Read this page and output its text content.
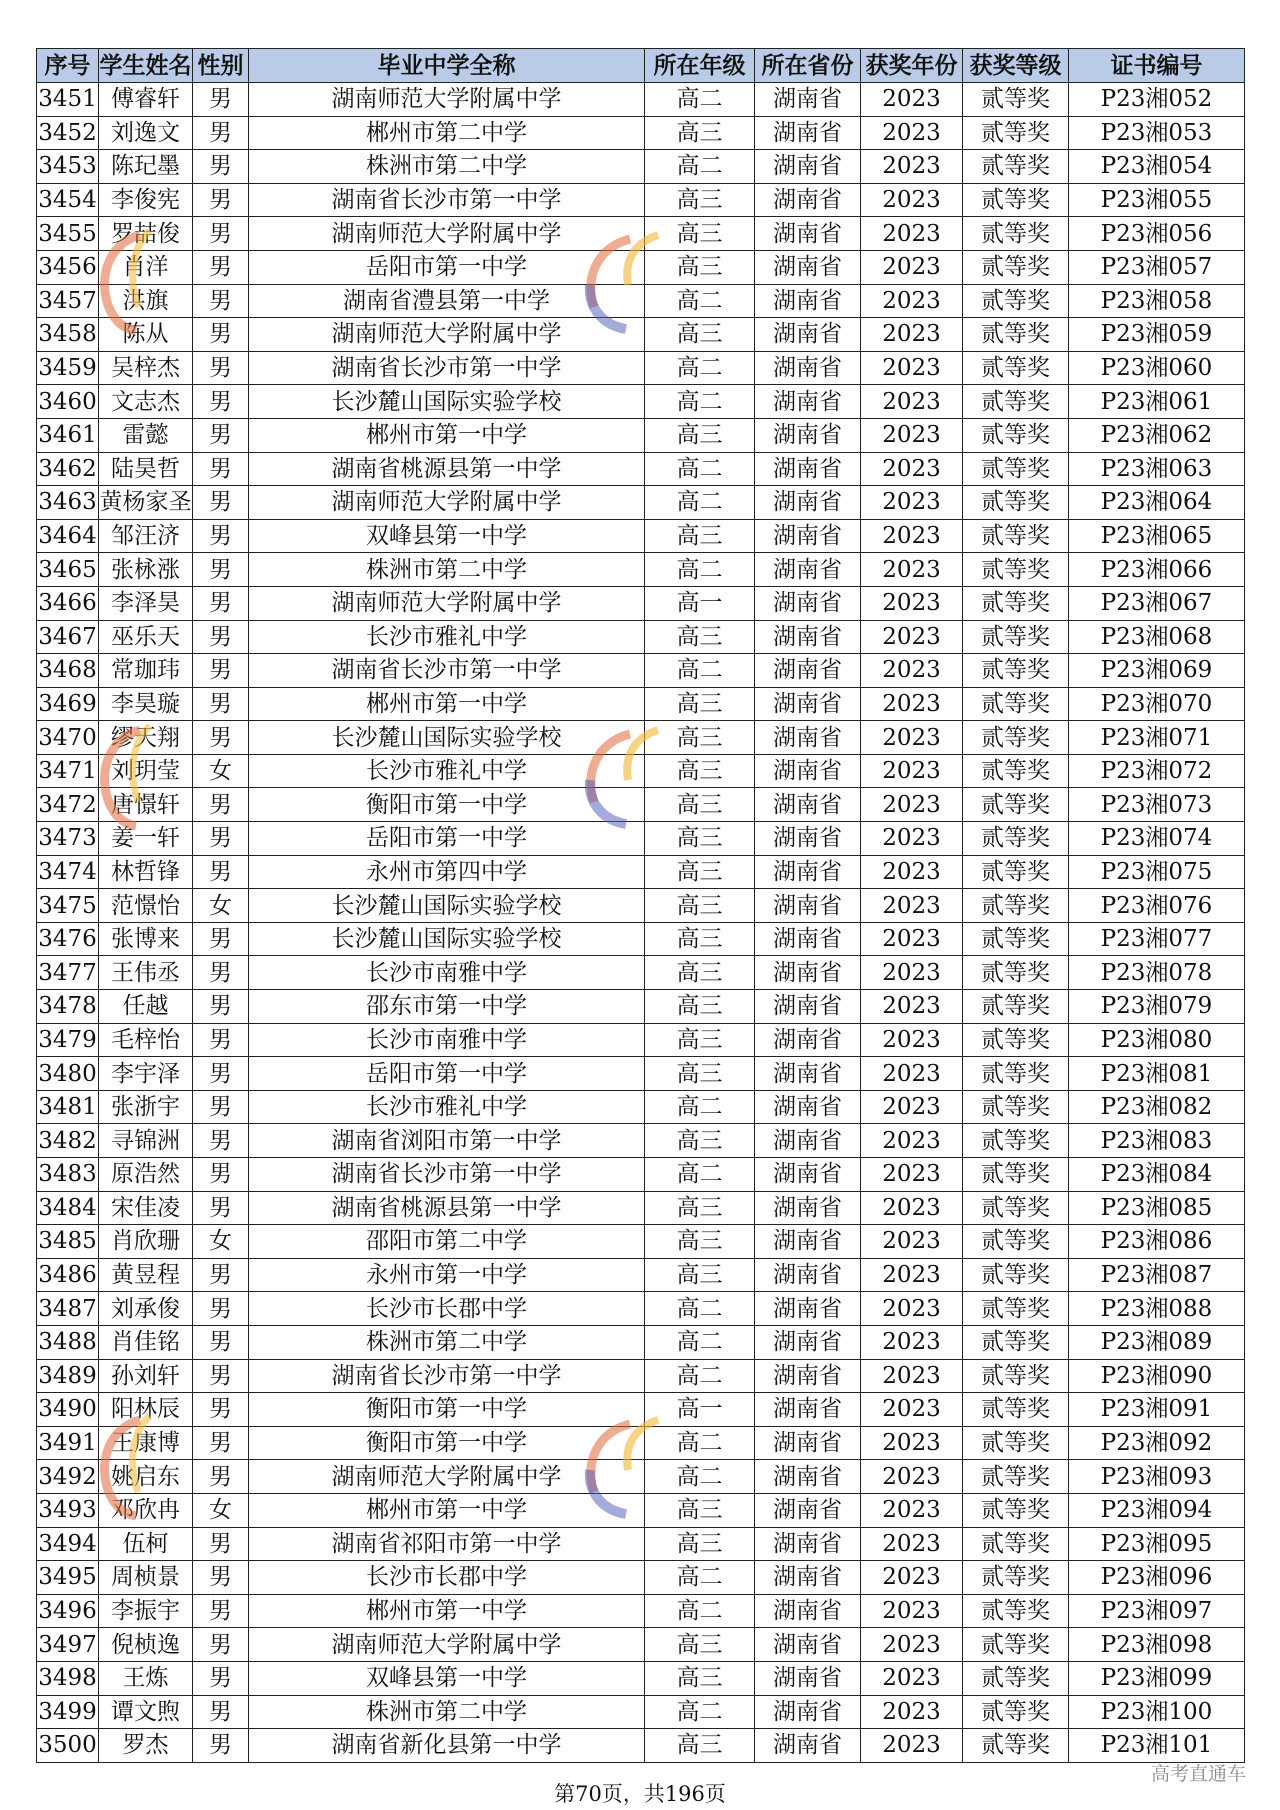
序号	学生姓名	性别	毕业中学全称	所在年级	所在省份	获奖年份	获奖等级	证书编号
3451	傅睿轩	男	湖南师范大学附属中学	高二	湖南省	2023	贰等奖	P23湘052
3452	刘逸文	男	郴州市第二中学	高三	湖南省	2023	贰等奖	P23湘053
3453	陈玘墨	男	株洲市第二中学	高二	湖南省	2023	贰等奖	P23湘054
3454	李俊宪	男	湖南省长沙市第一中学	高三	湖南省	2023	贰等奖	P23湘055
3455	罗喆俊	男	湖南师范大学附属中学	高三	湖南省	2023	贰等奖	P23湘056
3456	肖洋	男	岳阳市第一中学	高三	湖南省	2023	贰等奖	P23湘057
3457	洪旗	男	湖南省澧县第一中学	高二	湖南省	2023	贰等奖	P23湘058
3458	陈从	男	湖南师范大学附属中学	高三	湖南省	2023	贰等奖	P23湘059
3459	吴梓杰	男	湖南省长沙市第一中学	高二	湖南省	2023	贰等奖	P23湘060
3460	文志杰	男	长沙麓山国际实验学校	高二	湖南省	2023	贰等奖	P23湘061
3461	雷懿	男	郴州市第一中学	高三	湖南省	2023	贰等奖	P23湘062
3462	陆昊哲	男	湖南省桃源县第一中学	高二	湖南省	2023	贰等奖	P23湘063
3463	黄杨家圣	男	湖南师范大学附属中学	高二	湖南省	2023	贰等奖	P23湘064
3464	邹汪济	男	双峰县第一中学	高三	湖南省	2023	贰等奖	P23湘065
3465	张栐涨	男	株洲市第二中学	高二	湖南省	2023	贰等奖	P23湘066
3466	李泽昊	男	湖南师范大学附属中学	高一	湖南省	2023	贰等奖	P23湘067
3467	巫乐天	男	长沙市雅礼中学	高三	湖南省	2023	贰等奖	P23湘068
3468	常珈玮	男	湖南省长沙市第一中学	高二	湖南省	2023	贰等奖	P23湘069
3469	李昊璇	男	郴州市第一中学	高三	湖南省	2023	贰等奖	P23湘070
3470	缪天翔	男	长沙麓山国际实验学校	高三	湖南省	2023	贰等奖	P23湘071
3471	刘玥莹	女	长沙市雅礼中学	高三	湖南省	2023	贰等奖	P23湘072
3472	唐憬轩	男	衡阳市第一中学	高三	湖南省	2023	贰等奖	P23湘073
3473	姜一轩	男	岳阳市第一中学	高三	湖南省	2023	贰等奖	P23湘074
3474	林哲锋	男	永州市第四中学	高三	湖南省	2023	贰等奖	P23湘075
3475	范憬怡	女	长沙麓山国际实验学校	高三	湖南省	2023	贰等奖	P23湘076
3476	张博来	男	长沙麓山国际实验学校	高三	湖南省	2023	贰等奖	P23湘077
3477	王伟丞	男	长沙市南雅中学	高三	湖南省	2023	贰等奖	P23湘078
3478	任越	男	邵东市第一中学	高三	湖南省	2023	贰等奖	P23湘079
3479	毛梓怡	男	长沙市南雅中学	高三	湖南省	2023	贰等奖	P23湘080
3480	李宇泽	男	岳阳市第一中学	高三	湖南省	2023	贰等奖	P23湘081
3481	张浙宇	男	长沙市雅礼中学	高二	湖南省	2023	贰等奖	P23湘082
3482	寻锦洲	男	湖南省浏阳市第一中学	高三	湖南省	2023	贰等奖	P23湘083
3483	原浩然	男	湖南省长沙市第一中学	高二	湖南省	2023	贰等奖	P23湘084
3484	宋佳凌	男	湖南省桃源县第一中学	高三	湖南省	2023	贰等奖	P23湘085
3485	肖欣珊	女	邵阳市第二中学	高三	湖南省	2023	贰等奖	P23湘086
3486	黄昱程	男	永州市第一中学	高三	湖南省	2023	贰等奖	P23湘087
3487	刘承俊	男	长沙市长郡中学	高二	湖南省	2023	贰等奖	P23湘088
3488	肖佳铭	男	株洲市第二中学	高二	湖南省	2023	贰等奖	P23湘089
3489	孙刘轩	男	湖南省长沙市第一中学	高二	湖南省	2023	贰等奖	P23湘090
3490	阳林辰	男	衡阳市第一中学	高一	湖南省	2023	贰等奖	P23湘091
3491	王康博	男	衡阳市第一中学	高二	湖南省	2023	贰等奖	P23湘092
3492	姚启东	男	湖南师范大学附属中学	高二	湖南省	2023	贰等奖	P23湘093
3493	邓欣冉	女	郴州市第一中学	高三	湖南省	2023	贰等奖	P23湘094
3494	伍柯	男	湖南省祁阳市第一中学	高三	湖南省	2023	贰等奖	P23湘095
3495	周桢景	男	长沙市长郡中学	高二	湖南省	2023	贰等奖	P23湘096
3496	李振宇	男	郴州市第一中学	高二	湖南省	2023	贰等奖	P23湘097
3497	倪桢逸	男	湖南师范大学附属中学	高三	湖南省	2023	贰等奖	P23湘098
3498	王炼	男	双峰县第一中学	高三	湖南省	2023	贰等奖	P23湘099
3499	谭文煦	男	株洲市第二中学	高二	湖南省	2023	贰等奖	P23湘100
3500	罗杰	男	湖南省新化县第一中学	高三	湖南省	2023	贰等奖	P23湘101
第70页，共196页
高考直通车
